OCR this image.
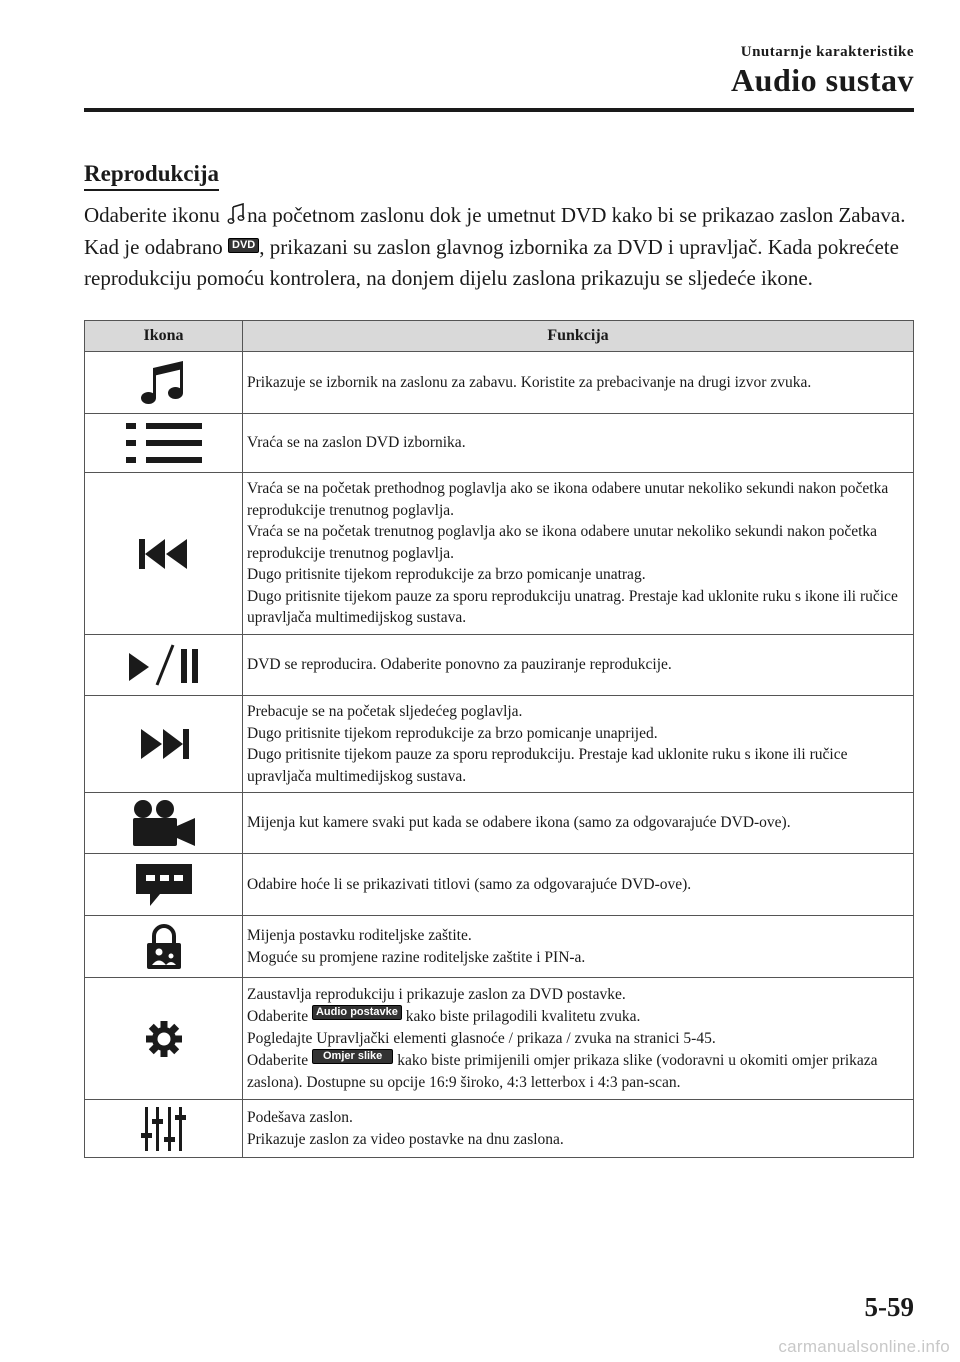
Unutarnje karakteristike
Audio sustav
Reprodukcija

Odaberite ikonu na početnom zaslonu dok je umetnut DVD kako bi se prikazao zaslon Zabava. Kad je odabrano DVD , prikazani su zaslon glavnog izbornika za DVD i upravljač. Kada pokrećete reprodukciju pomoću kontrolera, na donjem dijelu zaslona prikazuju se sljedeće ikone.

Ikona	Funkcija

Prikazuje se izbornik na zaslonu za zabavu. Koristite za prebacivanje na drugi izvor zvuka.

Vraća se na zaslon DVD izbornika.

Vraća se na početak prethodnog poglavlja ako se ikona odabere unutar nekoliko sekundi nakon početka reprodukcije trenutnog poglavlja.
Vraća se na početak trenutnog poglavlja ako se ikona odabere unutar nekoliko sekundi nakon početka reprodukcije trenutnog poglavlja.
Dugo pritisnite tijekom reprodukcije za brzo pomicanje unatrag.
Dugo pritisnite tijekom pauze za sporu reprodukciju unatrag. Prestaje kad uklonite ruku s ikone ili ručice upravljača multimedijskog sustava.

DVD se reproducira. Odaberite ponovno za pauziranje reprodukcije.

Prebacuje se na početak sljedećeg poglavlja.
Dugo pritisnite tijekom reprodukcije za brzo pomicanje unaprijed.
Dugo pritisnite tijekom pauze za sporu reprodukciju. Prestaje kad uklonite ruku s ikone ili ručice upravljača multimedijskog sustava.

Mijenja kut kamere svaki put kada se odabere ikona (samo za odgovarajuće DVD-ove).

Odabire hoće li se prikazivati titlovi (samo za odgovarajuće DVD-ove).

Mijenja postavku roditeljske zaštite.
Moguće su promjene razine roditeljske zaštite i PIN-a.

Zaustavlja reprodukciju i prikazuje zaslon za DVD postavke.
Odaberite Audio postavke kako biste prilagodili kvalitetu zvuka.
Pogledajte Upravljački elementi glasnoće / prikaza / zvuka na stranici 5-45.
Odaberite Omjer slike kako biste primijenili omjer prikaza slike (vodoravni u okomiti omjer prikaza zaslona). Dostupne su opcije 16:9 široko, 4:3 letterbox i 4:3 pan-scan.

Podešava zaslon.
Prikazuje zaslon za video postavke na dnu zaslona.
5-59
carmanualsonline.info
